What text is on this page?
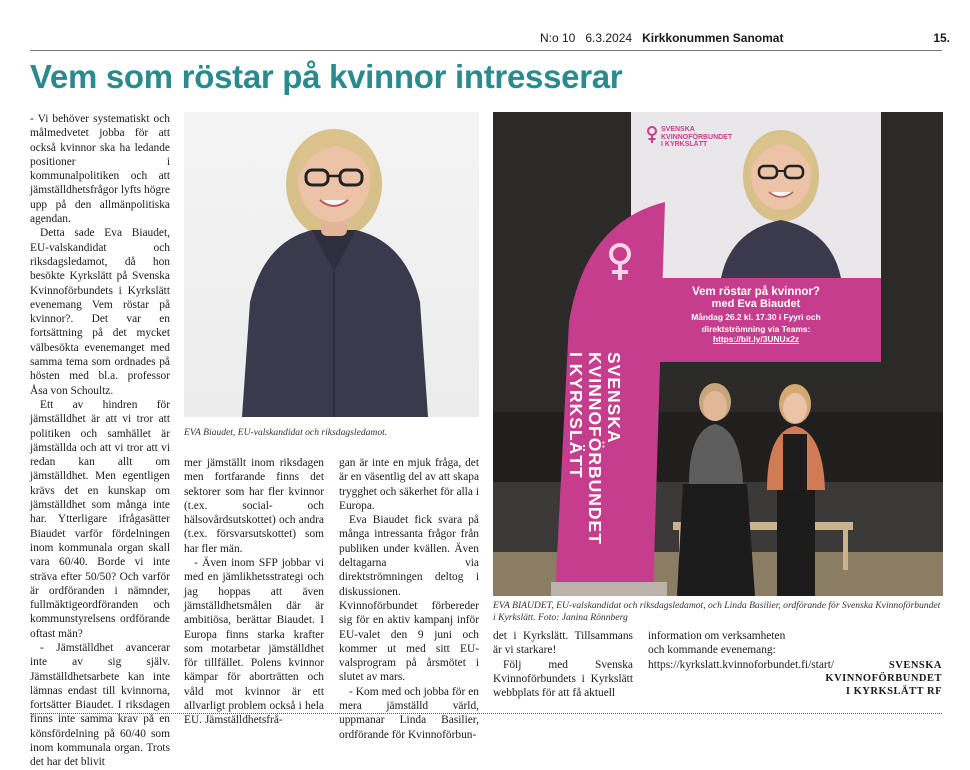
N:o 10 6.3.2024 Kirkkonummen Sanomat	15.
Vem som röstar på kvinnor intresserar

- Vi behöver systematiskt och målmedvetet jobba för att också kvinnor ska ha ledande positioner i kommunalpolitiken och att jämställdhetsfrågor lyfts högre upp på den allmänpolitiska agendan.

Detta sade Eva Biaudet, EU-valskandidat och riksdagsledamot, då hon besökte Kyrkslätt på Svenska Kvinnoförbundets i Kyrkslätt evenemang Vem röstar på kvinnor?. Det var en fortsättning på det mycket välbesökta evenemanget med samma tema som ordnades på hösten med bl.a. professor Åsa von Schoultz.

Ett av hindren för jämställdhet är att vi tror att politiken och samhället är jämställda och att vi tror att vi redan kan allt om jämställdhet. Men egentligen krävs det en kunskap om jämställdhet som många inte har. Ytterligare ifrågasätter Biaudet varför fördelningen inom kommunala organ skall vara 60/40. Borde vi inte sträva efter 50/50? Och varför är ordföranden i nämnder, fullmäktigeordföranden och kommunstyrelsens ordförande oftast män?

- Jämställdhet avancerar inte av sig själv. Jämställdhetsarbete kan inte lämnas endast till kvinnorna, fortsätter Biaudet. I riksdagen finns inte samma krav på en könsfördelning på 60/40 som inom kommunala organ. Trots det har det blivit

EVA Biaudet, EU-valskandidat och riksdagsledamot.

mer jämställt inom riksdagen men fortfarande finns det sektorer som har fler kvinnor (t.ex. social- och hälsovårdsutskottet) och andra (t.ex. försvarsutskottet) som har fler män.

- Även inom SFP jobbar vi med en jämlikhetsstrategi och jag hoppas att även jämställdhetsmålen där är ambitiösa, berättar Biaudet. I Europa finns starka krafter som motarbetar jämställdhet för tillfället. Polens kvinnor kämpar för aborträtten och våld mot kvinnor är ett allvarligt problem också i hela EU. Jämställdhetsfrå-

gan är inte en mjuk fråga, det är en väsentlig del av att skapa trygghet och säkerhet för alla i Europa.

Eva Biaudet fick svara på många intressanta frågor från publiken under kvällen. Även deltagarna via direktströmningen deltog i diskussionen. Kvinnoförbundet förbereder sig för en aktiv kampanj inför EU-valet den 9 juni och kommer ut med sitt EU-valsprogram på årsmötet i slutet av mars.

- Kom med och jobba för en mera jämställd värld, uppmanar Linda Basilier, ordförande för Kvinnoförbun-

SVENSKA
KVINNOFÖRBUNDET
I KYRKSLÄTT
Vem röstar på kvinnor?
med Eva Biaudet
Måndag 26.2 kl. 17.30 i Fyyri och
direktströmning via Teams:
https://bit.ly/3UNUx2z
SVENSKA
KVINNOFÖRBUNDET
I KYRKSLÄTT
EVA BIAUDET, EU-valskandidat och riksdagsledamot, och Linda Basilier, ordförande för Svenska Kvinnoförbundet i Kyrkslätt. Foto: Janina Rönnberg

det i Kyrkslätt. Tillsammans är vi starkare!

Följ med Svenska Kvinnoförbundets i Kyrkslätt webbplats för att få aktuell

information om verksamheten och kommande evenemang: https://kyrkslatt.kvinnoforbundet.fi/start/	SVENSKA
KVINNOFÖRBUNDET
I KYRKSLÄTT RF
